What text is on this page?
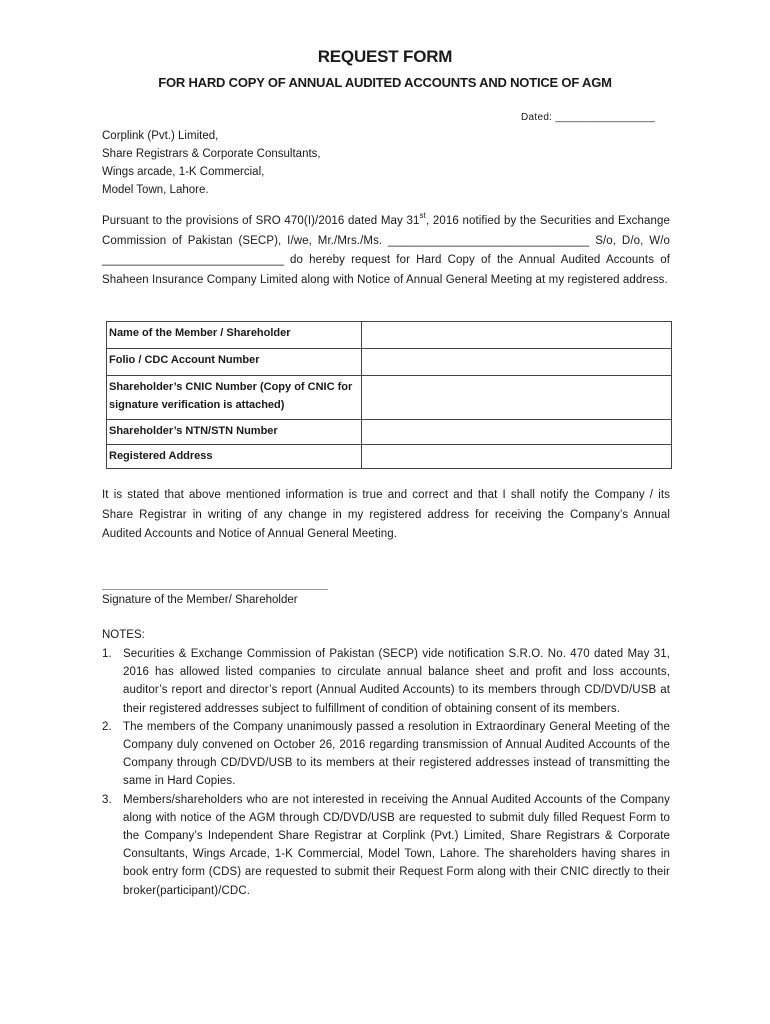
REQUEST FORM
FOR HARD COPY OF ANNUAL AUDITED ACCOUNTS AND NOTICE OF AGM
Dated: _________________
Corplink (Pvt.) Limited,
Share Registrars & Corporate Consultants,
Wings arcade, 1-K Commercial,
Model Town, Lahore.
Pursuant to the provisions of SRO 470(I)/2016 dated May 31st, 2016 notified by the Securities and Exchange Commission of Pakistan (SECP), I/we, Mr./Mrs./Ms. _______________________________ S/o, D/o, W/o ____________________________ do hereby request for Hard Copy of the Annual Audited Accounts of Shaheen Insurance Company Limited along with Notice of Annual General Meeting at my registered address.
Name of the Member / Shareholder	
Folio / CDC Account Number	
Shareholder’s CNIC Number (Copy of CNIC for signature verification is attached)	
Shareholder’s NTN/STN Number	
Registered Address	
It is stated that above mentioned information is true and correct and that I shall notify the Company / its Share Registrar in writing of any change in my registered address for receiving the Company’s Annual Audited Accounts and Notice of Annual General Meeting.
Signature of the Member/ Shareholder
NOTES:
1. Securities & Exchange Commission of Pakistan (SECP) vide notification S.R.O. No. 470 dated May 31, 2016 has allowed listed companies to circulate annual balance sheet and profit and loss accounts, auditor’s report and director’s report (Annual Audited Accounts) to its members through CD/DVD/USB at their registered addresses subject to fulfillment of condition of obtaining consent of its members.
2. The members of the Company unanimously passed a resolution in Extraordinary General Meeting of the Company duly convened on October 26, 2016 regarding transmission of Annual Audited Accounts of the Company through CD/DVD/USB to its members at their registered addresses instead of transmitting the same in Hard Copies.
3. Members/shareholders who are not interested in receiving the Annual Audited Accounts of the Company along with notice of the AGM through CD/DVD/USB are requested to submit duly filled Request Form to the Company’s Independent Share Registrar at Corplink (Pvt.) Limited, Share Registrars & Corporate Consultants, Wings Arcade, 1-K Commercial, Model Town, Lahore. The shareholders having shares in book entry form (CDS) are requested to submit their Request Form along with their CNIC directly to their broker(participant)/CDC.
